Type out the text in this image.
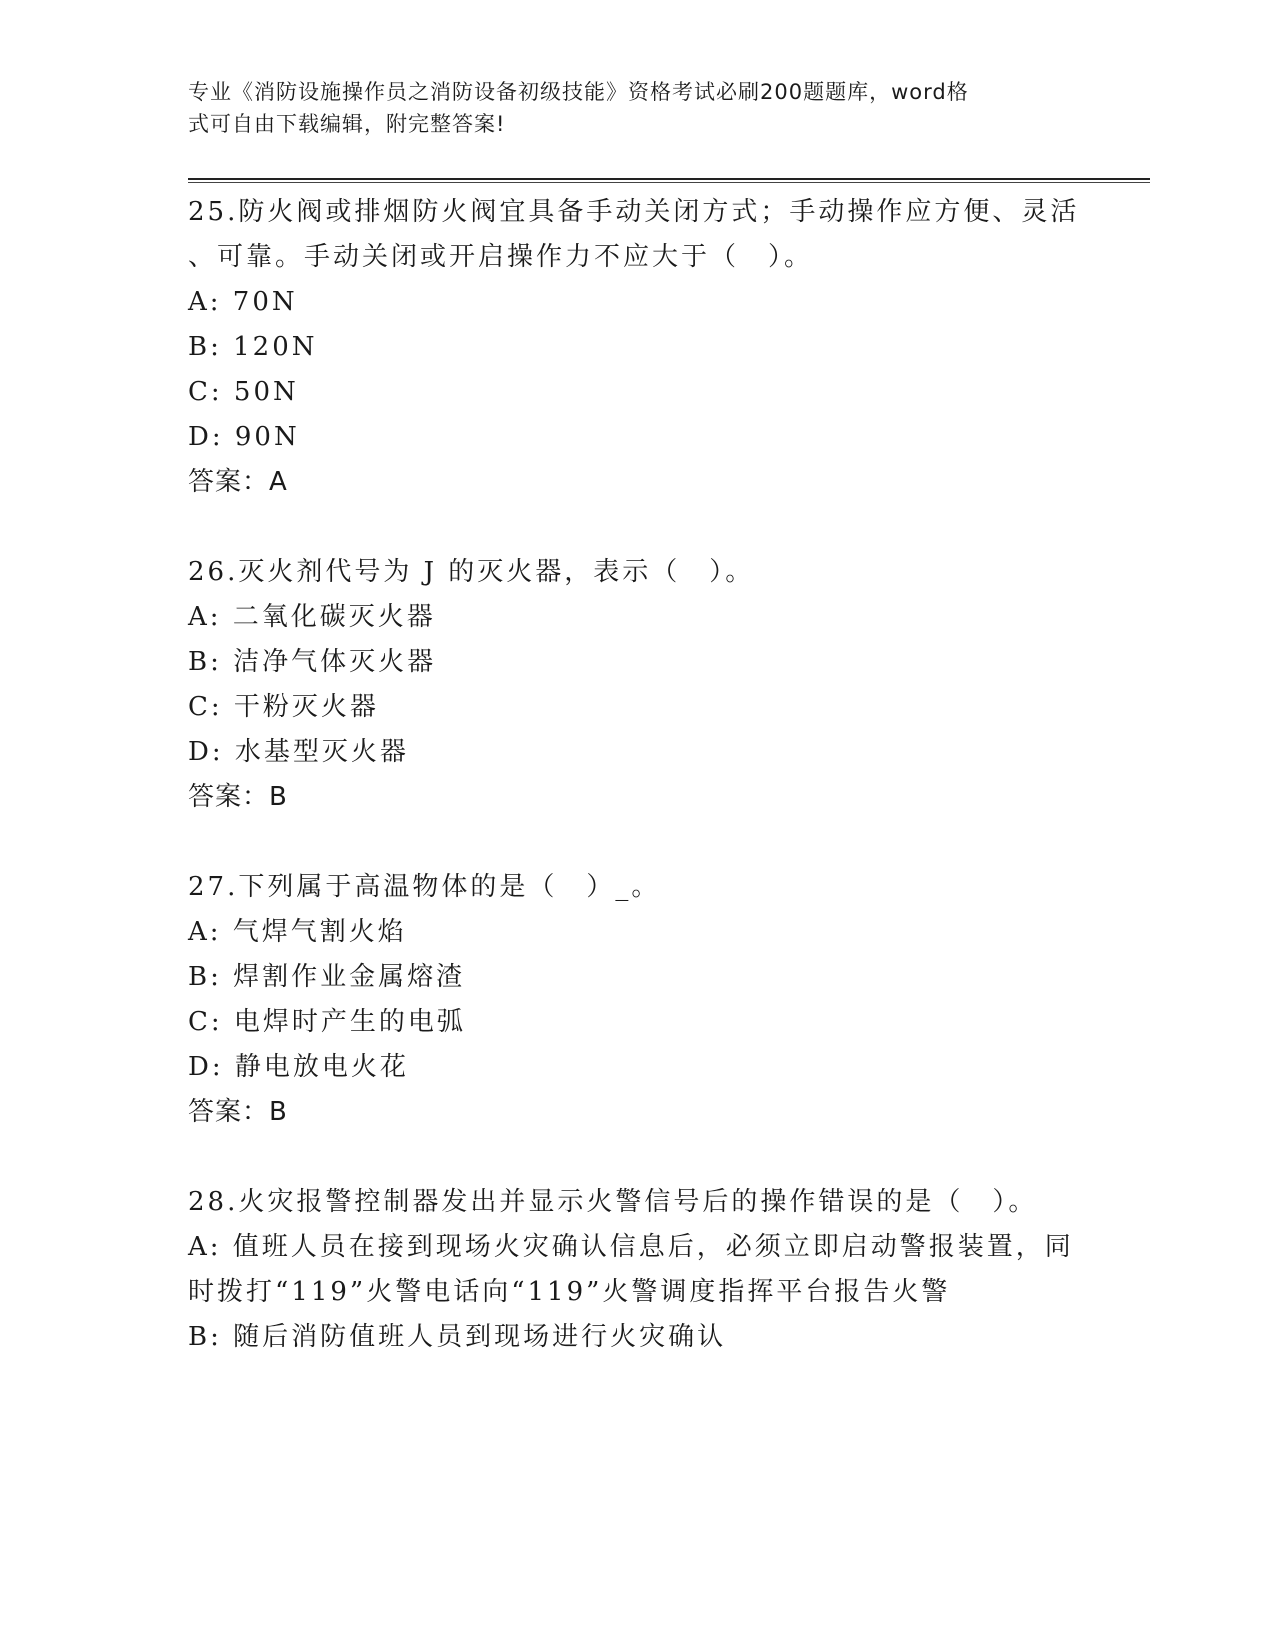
专业《消防设施操作员之消防设备初级技能》资格考试必刷200题题库，word格
式可自由下载编辑，附完整答案!
25.防火阀或排烟防火阀宜具备手动关闭方式；手动操作应方便、灵活
、可靠。手动关闭或开启操作力不应大于（　）。
A: 70N
B: 120N
C: 50N
D: 90N
答案：A
26.灭火剂代号为 J 的灭火器，表示（　）。
A: 二氧化碳灭火器
B: 洁净气体灭火器
C: 干粉灭火器
D: 水基型灭火器
答案：B
27.下列属于高温物体的是（　）_。
A: 气焊气割火焰
B: 焊割作业金属熔渣
C: 电焊时产生的电弧
D: 静电放电火花
答案：B
28.火灾报警控制器发出并显示火警信号后的操作错误的是（　）。
A: 值班人员在接到现场火灾确认信息后，必须立即启动警报装置，同
时拨打“119”火警电话向“119”火警调度指挥平台报告火警
B: 随后消防值班人员到现场进行火灾确认
